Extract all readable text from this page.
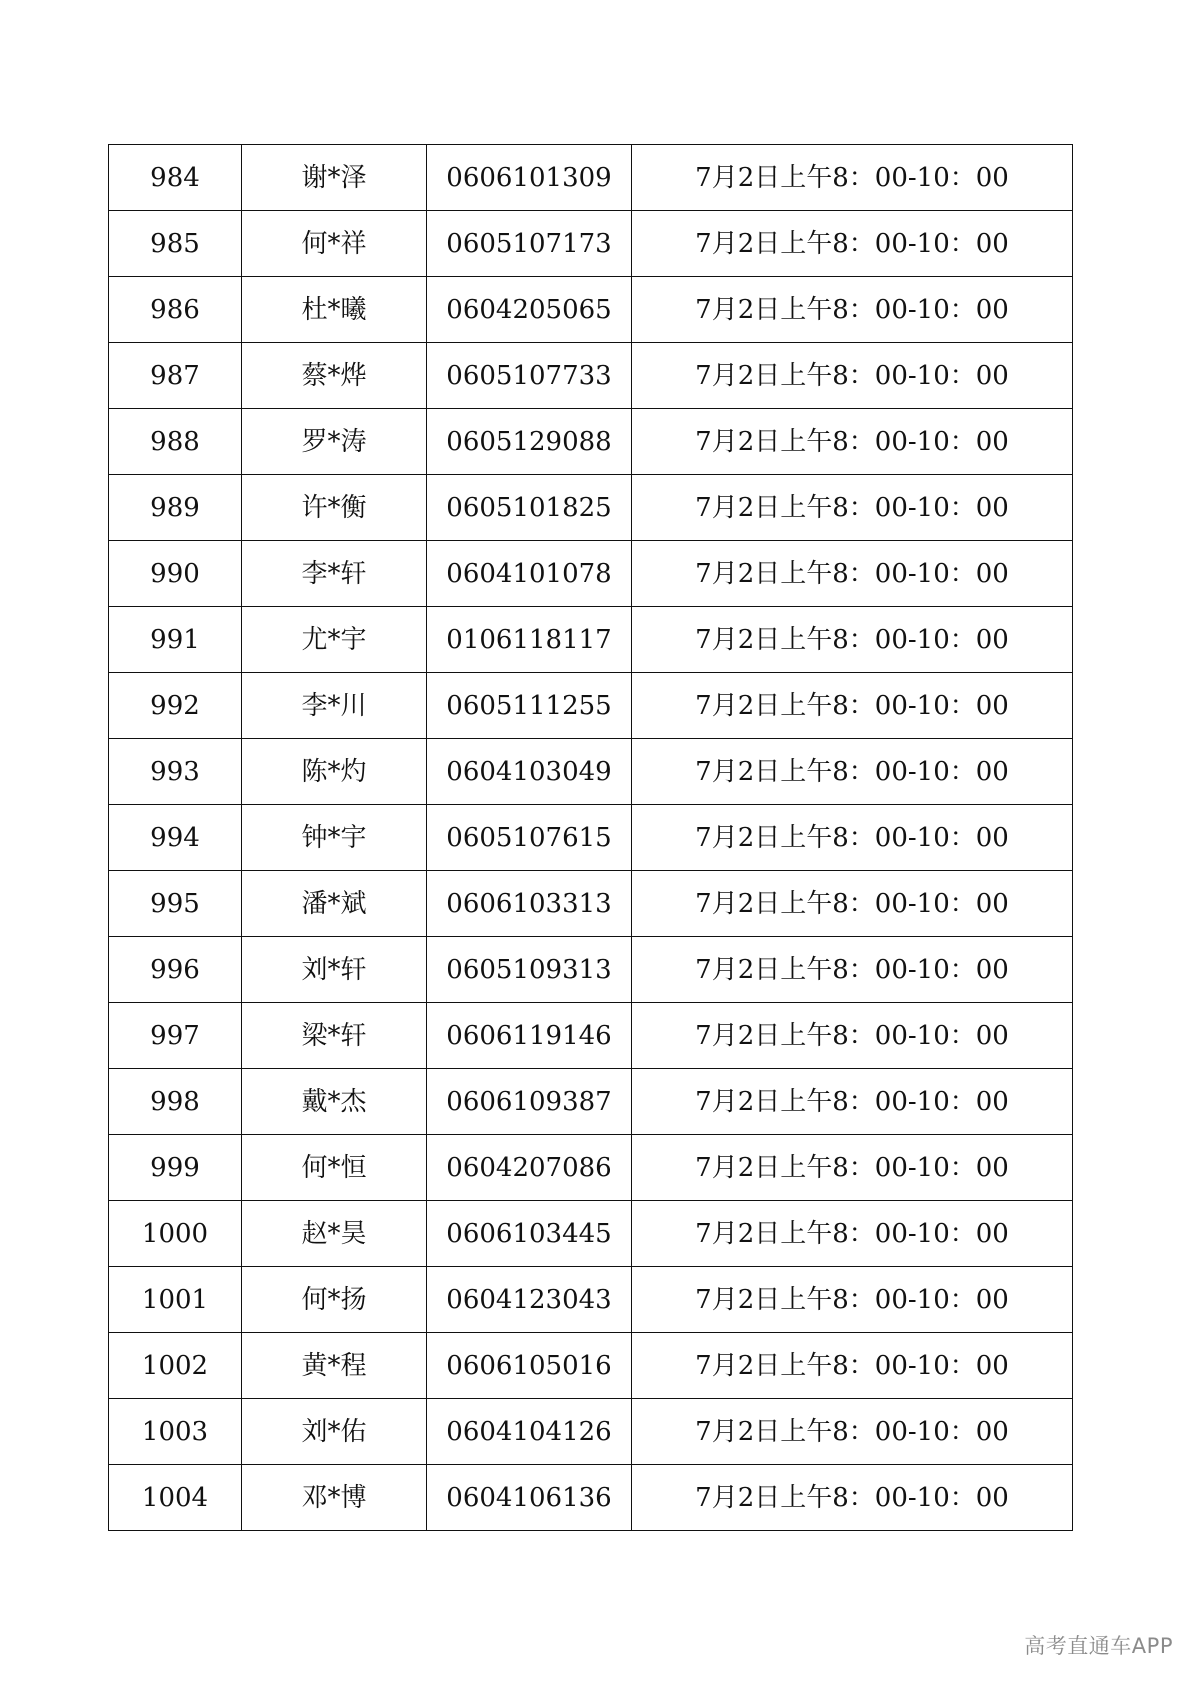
984	谢*泽	0606101309	7月2日上午8：00-10：00
985	何*祥	0605107173	7月2日上午8：00-10：00
986	杜*曦	0604205065	7月2日上午8：00-10：00
987	蔡*烨	0605107733	7月2日上午8：00-10：00
988	罗*涛	0605129088	7月2日上午8：00-10：00
989	许*衡	0605101825	7月2日上午8：00-10：00
990	李*轩	0604101078	7月2日上午8：00-10：00
991	尤*宇	0106118117	7月2日上午8：00-10：00
992	李*川	0605111255	7月2日上午8：00-10：00
993	陈*灼	0604103049	7月2日上午8：00-10：00
994	钟*宇	0605107615	7月2日上午8：00-10：00
995	潘*斌	0606103313	7月2日上午8：00-10：00
996	刘*轩	0605109313	7月2日上午8：00-10：00
997	梁*轩	0606119146	7月2日上午8：00-10：00
998	戴*杰	0606109387	7月2日上午8：00-10：00
999	何*恒	0604207086	7月2日上午8：00-10：00
1000	赵*昊	0606103445	7月2日上午8：00-10：00
1001	何*扬	0604123043	7月2日上午8：00-10：00
1002	黄*程	0606105016	7月2日上午8：00-10：00
1003	刘*佑	0604104126	7月2日上午8：00-10：00
1004	邓*博	0604106136	7月2日上午8：00-10：00
高考直通车APP
